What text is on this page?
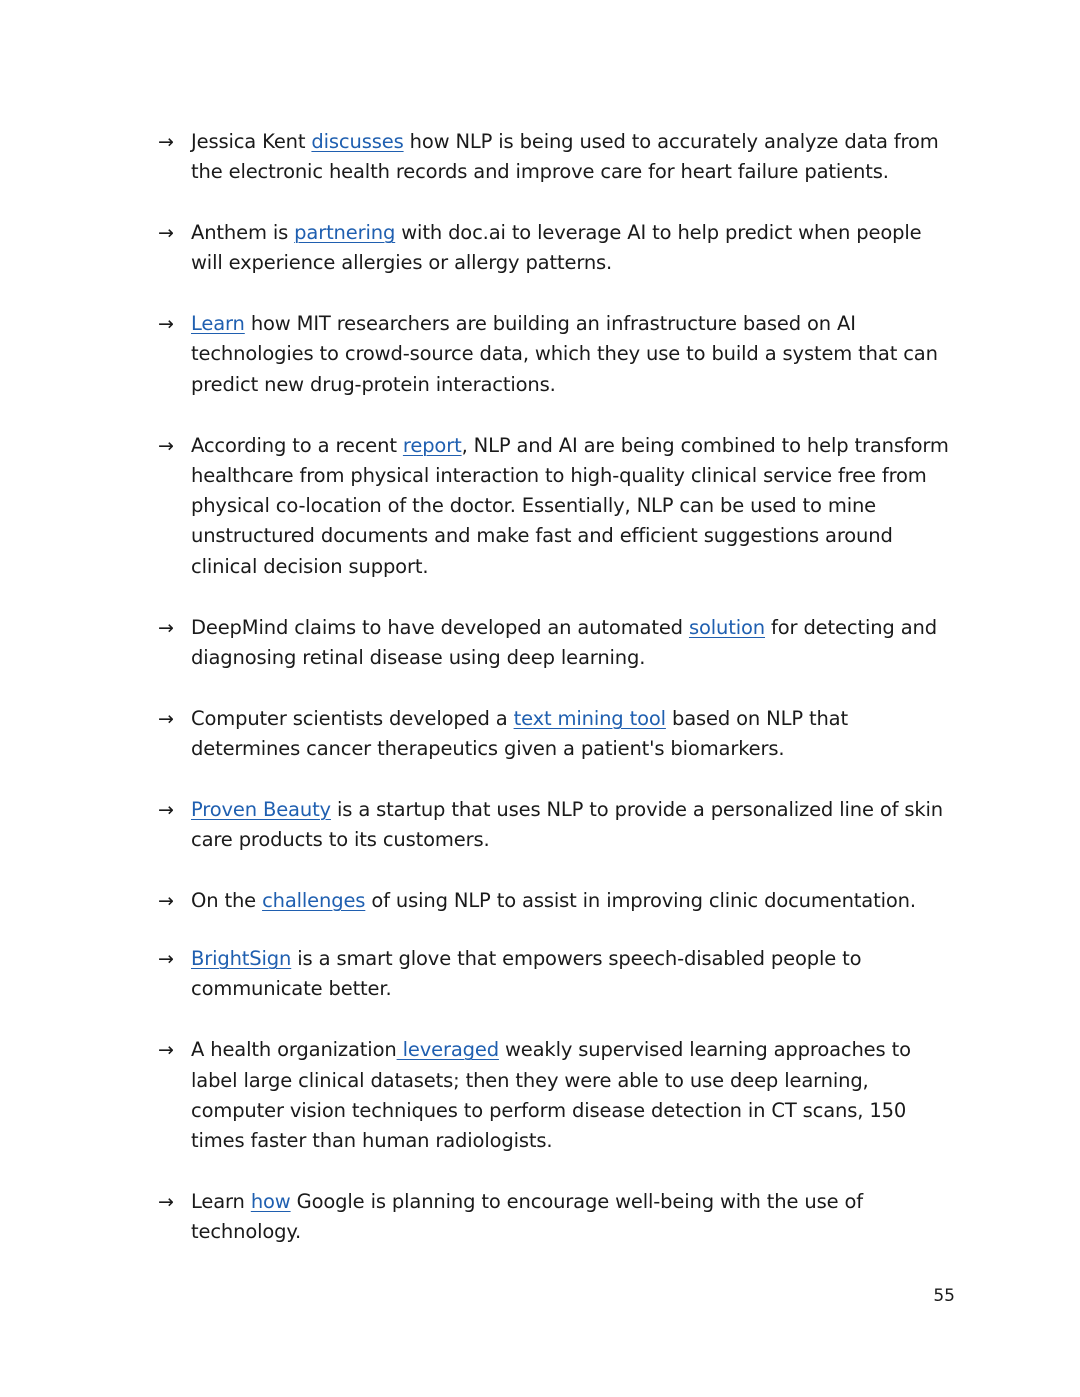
→ Jessica Kent discusses how NLP is being used to accurately analyze data from the electronic health records and improve care for heart failure patients.
→ Anthem is partnering with doc.ai to leverage AI to help predict when people will experience allergies or allergy patterns.
→ Learn how MIT researchers are building an infrastructure based on AI technologies to crowd-source data, which they use to build a system that can predict new drug-protein interactions.
→ According to a recent report, NLP and AI are being combined to help transform healthcare from physical interaction to high-quality clinical service free from physical co-location of the doctor. Essentially, NLP can be used to mine unstructured documents and make fast and efficient suggestions around clinical decision support.
→ DeepMind claims to have developed an automated solution for detecting and diagnosing retinal disease using deep learning.
→ Computer scientists developed a text mining tool based on NLP that determines cancer therapeutics given a patient's biomarkers.
→ Proven Beauty is a startup that uses NLP to provide a personalized line of skin care products to its customers.
→ On the challenges of using NLP to assist in improving clinic documentation.
→ BrightSign is a smart glove that empowers speech-disabled people to communicate better.
→ A health organization leveraged weakly supervised learning approaches to label large clinical datasets; then they were able to use deep learning, computer vision techniques to perform disease detection in CT scans, 150 times faster than human radiologists.
→ Learn how Google is planning to encourage well-being with the use of technology.
55
